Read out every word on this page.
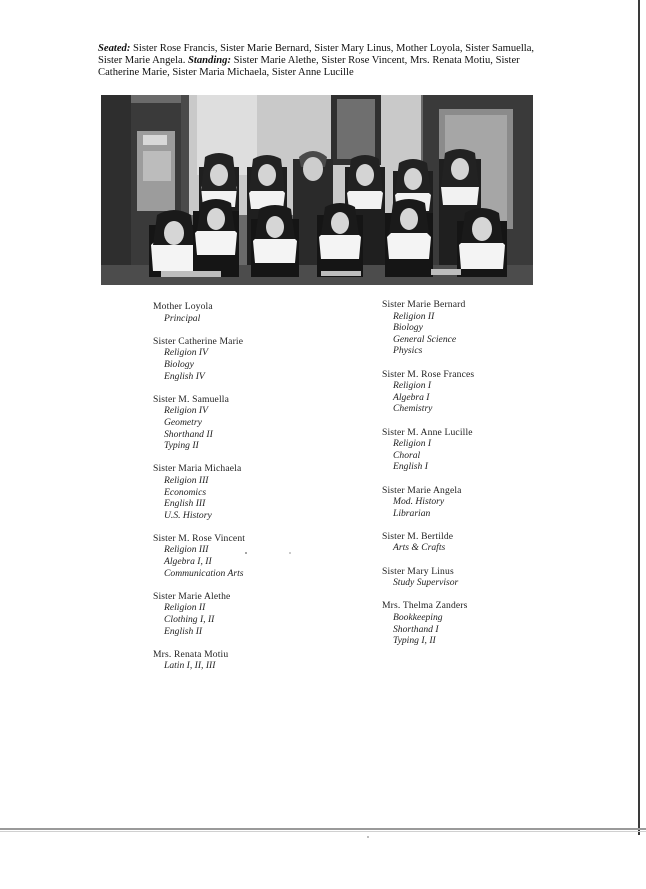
Seated: Sister Rose Francis, Sister Marie Bernard, Sister Mary Linus, Mother Loyola, Sister Samuella, Sister Marie Angela. Standing: Sister Marie Alethe, Sister Rose Vincent, Mrs. Renata Motiu, Sister Catherine Marie, Sister Maria Michaela, Sister Anne Lucille
Mother Loyola
Principal
Sister Catherine Marie
Religion IV
Biology
English IV
Sister M. Samuella
Religion IV
Geometry
Shorthand II
Typing II
Sister Maria Michaela
Religion III
Economics
English III
U.S. History
Sister M. Rose Vincent
Religion III
Algebra I, II
Communication Arts
Sister Marie Alethe
Religion II
Clothing I, II
English II
Mrs. Renata Motiu
Latin I, II, III
Sister Marie Bernard
Religion II
Biology
General Science
Physics
Sister M. Rose Frances
Religion I
Algebra I
Chemistry
Sister M. Anne Lucille
Religion I
Choral
English I
Sister Marie Angela
Mod. History
Librarian
Sister M. Bertilde
Arts & Crafts
Sister Mary Linus
Study Supervisor
Mrs. Thelma Zanders
Bookkeeping
Shorthand I
Typing I, II
